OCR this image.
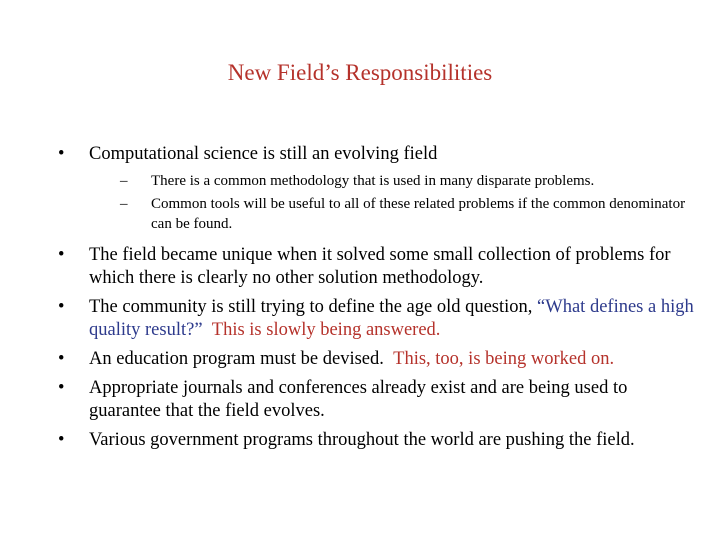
New Field’s Responsibilities
•	Computational science is still an evolving field
– There is a common methodology that is used in many disparate problems.
– Common tools will be useful to all of these related problems if the common denominator can be found.
•	The field became unique when it solved some small collection of problems for which there is clearly no other solution methodology.
•	The community is still trying to define the age old question, “What defines a high quality result?” This is slowly being answered.
•	An education program must be devised. This, too, is being worked on.
•	Appropriate journals and conferences already exist and are being used to guarantee that the field evolves.
•	Various government programs throughout the world are pushing the field.
